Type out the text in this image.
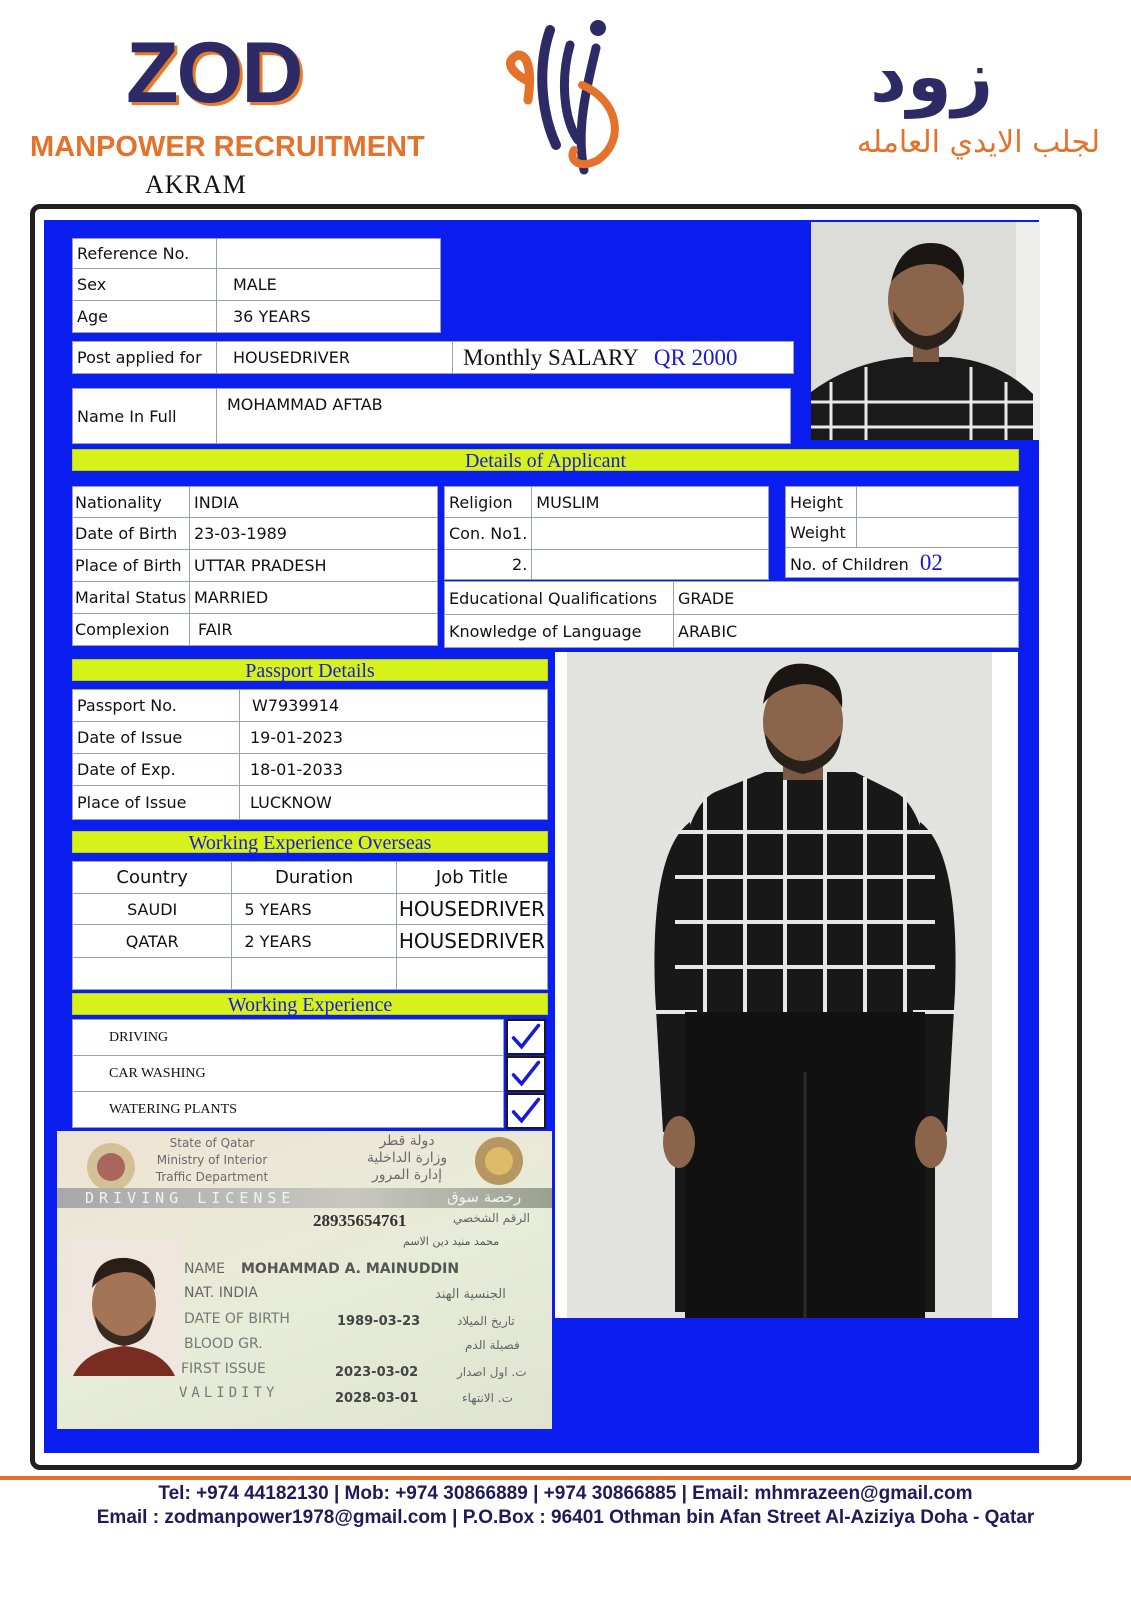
ZOD
MANPOWER RECRUITMENT
AKRAM
زود
لجلب الايدي العامله
Reference No.	
Sex	MALE
Age	36 YEARS
Post applied for	HOUSEDRIVER	Monthly SALARY QR 2000
Name In Full	MOHAMMAD AFTAB
Details of Applicant
Nationality	INDIA
Date of Birth	23-03-1989
Place of Birth	UTTAR PRADESH
Marital Status	MARRIED
Complexion	FAIR
Religion	MUSLIM
Con. No1.	
2.	
Height	
Weight	
No. of Children 02	
Educational Qualifications	GRADE
Knowledge of Language	ARABIC
Passport Details
Passport No.	W7939914
Date of Issue	19-01-2023
Date of Exp.	18-01-2033
Place of Issue	LUCKNOW
Working Experience Overseas
Country	Duration	Job Title
SAUDI	5 YEARS	HOUSEDRIVER
QATAR	2 YEARS	HOUSEDRIVER

Working Experience
DRIVING
CAR WASHING
WATERING PLANTS
State of Qatar
Ministry of Interior
Traffic Department
دولة قطر
وزارة الداخلية
إدارة المرور
DRIVING LICENSE	رخصة سوق
28935654761	الرقم الشخصي
محمد منيد دين الاسم
NAME MOHAMMAD A. MAINUDDIN
NAT. INDIA	الجنسية الهند
DATE OF BIRTH	1989-03-23	تاريخ الميلاد
BLOOD GR.	فصيلة الدم
FIRST ISSUE	2023-03-02	ت. اول اصدار
VALIDITY	2028-03-01	ت. الانتهاء
Tel: +974 44182130 | Mob: +974 30866889 | +974 30866885 | Email: mhmrazeen@gmail.com
Email : zodmanpower1978@gmail.com | P.O.Box : 96401 Othman bin Afan Street Al-Aziziya Doha - Qatar
